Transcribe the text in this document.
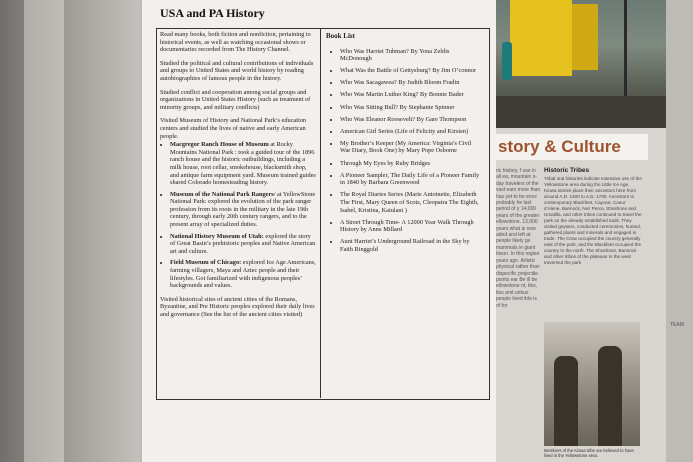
USA and PA History

Read many books, both fiction and nonfiction, pertaining to historical events, as well as watching occasional shows or documentaries recorded from The History Channel.

Studied the political and cultural contributions of individuals and groups to United States and world history by reading autobiographies of famous people in the history.

Studied conflict and cooperation among social groups and organizations in United States History (such as treatment of minority groups, and military conflicts)

Visited Museum of History and National Park’s education centers and studied the lives of native and early American people.

• Macgregor Ranch House of Museum at Rocky Mountains National Park : took a guided tour of the 1896 ranch house and the historic outbuildings, including a milk house, root cellar, smokehouse, blacksmith shop, and antique farm equipment yard. Museum trained guides shared Colorado homesteading history.
• Museum of the National Park Rangers/ at YellowStone National Park: explored the evolution of the park ranger profession from its roots in the military in the late 19th century, through early 20th century rangers, and to the present array of specialized duties.
• National History Museum of Utah: explored the story of Great Basin’s prehistoric peoples and Native American art and culture.
• Field Museum of Chicago: explored Ice Age Americans, farming villagers, Maya and Aztec people and their lifestyles. Got familiarized with indigenous peoples’ backgrounds and values.

Visited historical sites of ancient cities of the Romans, Byzantine, and Pre Historic peoples explored their daily lives and governance (See the list of the ancient cities visited)

Book List
• Who Was Harriet Tubman? By Yona Zeldis McDonough
• What Was the Battle of Gettysburg? By Jim O’connor
• Who Was Sacagawea? By Judith Bloom Fradin
• Who Was Martin Luther King? By Bonnie Bader
• Who Was Sitting Bull? By Stephanie Spinner
• Who Was Eleanor Roosevelt? By Gare Thompson
• American Girl Series (Life of Felicity and Kirsten)
• My Brother’s Keeper (My America: Virginia’s Civil War Diary, Book One) by Mary Pope Osborne
• Through My Eyes by Ruby Bridges
• A Pioneer Sampler, The Daily Life of a Pioneer Family in 1840 by Barbara Greenwood
• The Royal Diaries Series (Marie Antoinette, Elizabeth The First, Mary Queen of Scots, Cleopatra The Eighth, Isabel, Kristina, Kaiulani )
• A Street Through Time- A 12000 Year Walk Through History by Anne Millard
• Aunt Harriet’s Underground Railroad in the Sky by Faith Ringgold
story & Culture
ric history, f use in all ea, mountain s-day travelers of the vast ears more than has yet to be ence probably he last period of y 14,000 years of the greater ellowstone. 13,000 years what is now aded and left at people likely ge mammals ie giant bison. In this region years ago. Arlistic physical rather than dispecific projectile points ear Be ill be ellowstone nt, tles, tles and unbus people lived ible is of for
Historic Tribes
Tribal oral histories indicate extensive use of the Yellowstone area during the Little Ice Age. Kiowa stories place their ancestors here from around A.D. 1400 to A.D. 1700. Ancestors to contemporary Blackfeet, Cayuse, Coeur d’Alene, Bannock, Nez Perce, Shoshone and Umatilla, and other tribes continued to travel the park on the already established trails. They visited geysers, conducted ceremonies, hunted, gathered plants and minerals and engaged in trade. The Crow occupied the country generally east of the park, and the Blackfeet occupied the country to the north. The Shoshone, Bannock and other tribes of the plateaus to the west traversed the park
Members of the Kiowa tribe are believed to have lived in the Yellowstone area.
TEAM
